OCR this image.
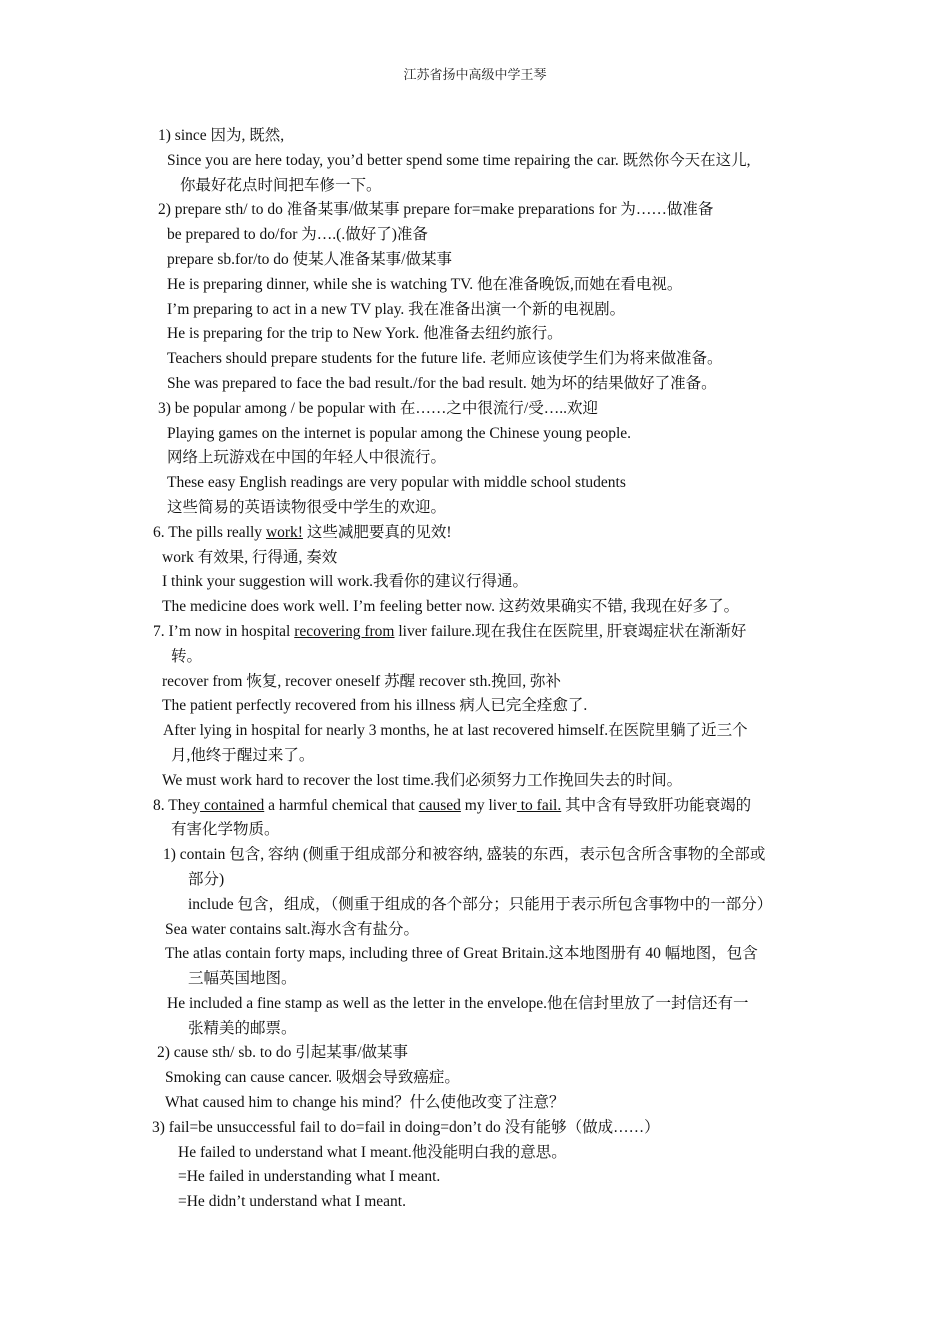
江苏省扬中高级中学王琴
1) since 因为, 既然,
Since you are here today, you’d better spend some time repairing the car. 既然你今天在这儿,
你最好花点时间把车修一下。
2) prepare sth/ to do 准备某事/做某事 prepare for=make preparations for 为……做准备
be prepared to do/for 为….(.做好了)准备
prepare sb.for/to do 使某人准备某事/做某事
He is preparing dinner, while she is watching TV. 他在准备晚饭,而她在看电视。
I’m preparing to act in a new TV play. 我在准备出演一个新的电视剧。
He is preparing for the trip to New York. 他准备去纽约旅行。
Teachers should prepare students for the future life. 老师应该使学生们为将来做准备。
She was prepared to face the bad result./for the bad result. 她为坏的结果做好了准备。
3) be popular among / be popular with 在……之中很流行/受…..欢迎
Playing games on the internet is popular among the Chinese young people.
网络上玩游戏在中国的年轻人中很流行。
These easy English readings are very popular with middle school students
这些简易的英语读物很受中学生的欢迎。
6. The pills really work! 这些减肥要真的见效!
work 有效果, 行得通, 奏效
I think your suggestion will work.我看你的建议行得通。
The medicine does work well. I’m feeling better now. 这药效果确实不错, 我现在好多了。
7. I’m now in hospital recovering from liver failure.现在我住在医院里, 肝衰竭症状在渐渐好
转。
recover from 恢复, recover oneself 苏醒 recover sth.挽回, 弥补
The patient perfectly recovered from his illness 病人已完全痊愈了.
After lying in hospital for nearly 3 months, he at last recovered himself.在医院里躺了近三个
月,他终于醒过来了。
We must work hard to recover the lost time.我们必须努力工作挽回失去的时间。
8. They contained a harmful chemical that caused my liver to fail. 其中含有导致肝功能衰竭的
有害化学物质。
1) contain 包含, 容纳 (侧重于组成部分和被容纳, 盛装的东西，表示包含所含事物的全部或
部分)
include 包含，组成，（侧重于组成的各个部分；只能用于表示所包含事物中的一部分）
Sea water contains salt.海水含有盐分。
The atlas contain forty maps, including three of Great Britain.这本地图册有 40 幅地图，包含
三幅英国地图。
He included a fine stamp as well as the letter in the envelope.他在信封里放了一封信还有一
张精美的邮票。
2) cause sth/ sb. to do 引起某事/做某事
Smoking can cause cancer. 吸烟会导致癌症。
What caused him to change his mind？什么使他改变了注意？
3) fail=be unsuccessful fail to do=fail in doing=don’t do 没有能够（做成……）
He failed to understand what I meant.他没能明白我的意思。
=He failed in understanding what I meant.
=He didn’t understand what I meant.
